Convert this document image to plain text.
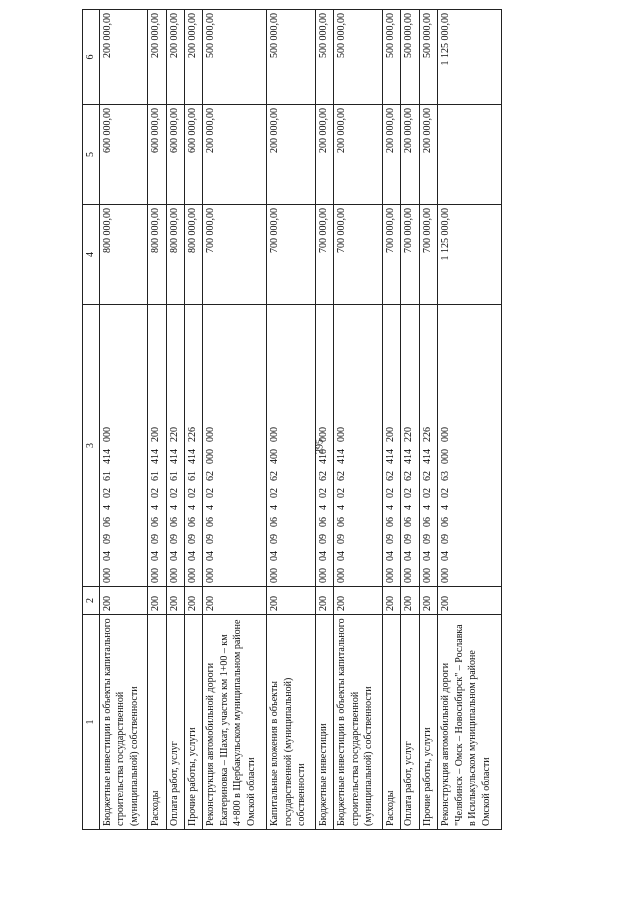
295
1	2	3	4	5	6
Бюджетные инвестиции в объекты капитального строительства государственной (муниципальной) собственности	200	00004090640261414000	800 000,00	600 000,00	200 000,00
Расходы	200	00004090640261414200	800 000,00	600 000,00	200 000,00
Оплата работ, услуг	200	00004090640261414220	800 000,00	600 000,00	200 000,00
Прочие работы, услуги	200	00004090640261414226	800 000,00	600 000,00	200 000,00
Реконструкция автомобильной дороги Екатериновка – Шахат, участок км 1+00 – км 4+800 в Щербакульском муниципальном районе Омской области	200	00004090640262000000	700 000,00	200 000,00	500 000,00
Капитальные вложения в объекты государственной (муниципальной) собственности	200	00004090640262400000	700 000,00	200 000,00	500 000,00
Бюджетные инвестиции	200	00004090640262410000	700 000,00	200 000,00	500 000,00
Бюджетные инвестиции в объекты капитального строительства государственной (муниципальной) собственности	200	00004090640262414000	700 000,00	200 000,00	500 000,00
Расходы	200	00004090640262414200	700 000,00	200 000,00	500 000,00
Оплата работ, услуг	200	00004090640262414220	700 000,00	200 000,00	500 000,00
Прочие работы, услуги	200	00004090640262414226	700 000,00	200 000,00	500 000,00
Реконструкция автомобильной дороги "Челябинск – Омск – Новосибирск" – Рославка в Исилькульском муниципальном районе Омской области	200	00004090640263000000	1 125 000,00		1 125 000,00
